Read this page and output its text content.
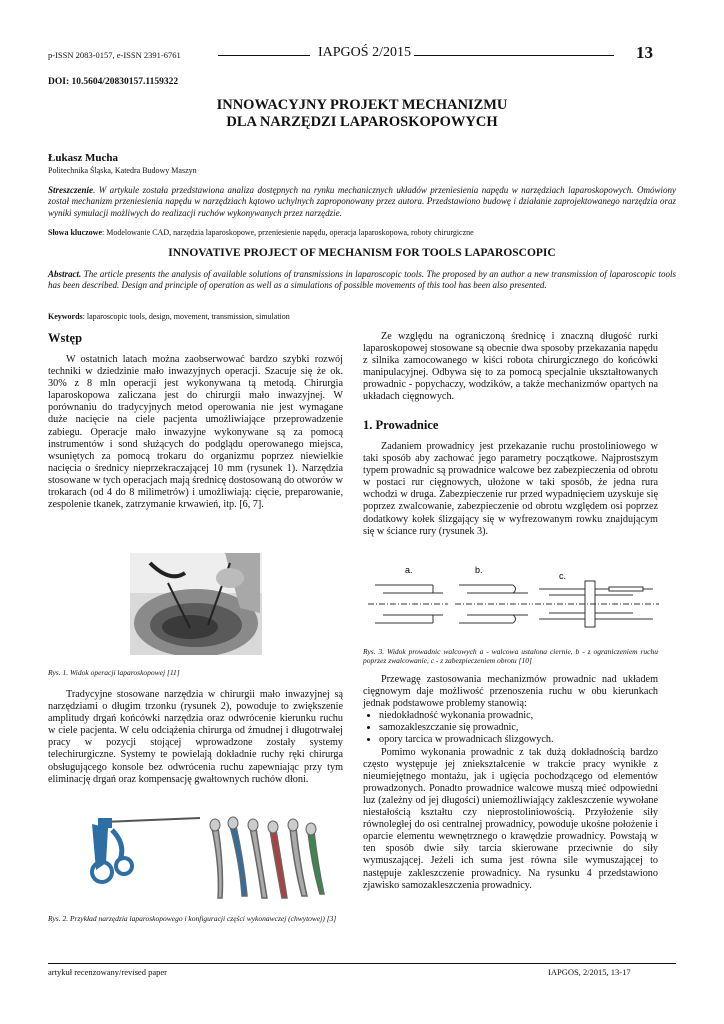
p-ISSN 2083-0157, e-ISSN 2391-6761	IAPGOŚ 2/2015	13
DOI: 10.5604/20830157.1159322
INNOWACYJNY PROJEKT MECHANIZMU
DLA NARZĘDZI LAPAROSKOPOWYCH
Łukasz Mucha
Politechnika Śląska, Katedra Budowy Maszyn
Streszczenie. W artykule została przedstawiona analiza dostępnych na rynku mechanicznych układów przeniesienia napędu w narzędziach laparoskopowych. Omówiony został mechanizm przeniesienia napędu w narzędziach kątowo uchylnych zaproponowany przez autora. Przedstawiono budowę i działanie zaprojektowanego narzędzia oraz wyniki symulacji możliwych do realizacji ruchów wykonywanych przez narzędzie.
Słowa kluczowe: Modelowanie CAD, narzędzia laparoskopowe, przeniesienie napędu, operacja laparoskopowa, roboty chirurgiczne
INNOVATIVE PROJECT OF MECHANISM FOR TOOLS LAPAROSCOPIC
Abstract. The article presents the analysis of available solutions of transmissions in laparoscopic tools. The proposed by an author a new transmission of laparoscopic tools has been described. Design and principle of operation as well as a simulations of possible movements of this tool has been also presented.
Keywords: laparoscopic tools, design, movement, transmission, simulation
Wstęp

W ostatnich latach można zaobserwować bardzo szybki rozwój techniki w dziedzinie mało inwazyjnych operacji. Szacuje się że ok. 30% z 8 mln operacji jest wykonywana tą metodą. Chirurgia laparoskopowa zaliczana jest do chirurgii mało inwazyjnej. W porównaniu do tradycyjnych metod operowania nie jest wymagane duże nacięcie na ciele pacjenta umożliwiające przeprowadzenie zabiegu. Operacje mało inwazyjne wykonywane są za pomocą instrumentów i sond służących do podglądu operowanego miejsca, wsuniętych za pomocą trokaru do organizmu poprzez niewielkie nacięcia o średnicy nieprzekraczającej 10 mm (rysunek 1). Narzędzia stosowane w tych operacjach mają średnicę dostosowaną do otworów w trokarach (od 4 do 8 milimetrów) i umożliwiają: cięcie, preparowanie, zespolenie tkanek, zatrzymanie krwawień, itp. [6, 7].

Rys. 1. Widok operacji laparoskopowej [11]

Tradycyjne stosowane narzędzia w chirurgii mało inwazyjnej są narzędziami o długim trzonku (rysunek 2), powoduje to zwiększenie amplitudy drgań końcówki narzędzia oraz odwrócenie kierunku ruchu w ciele pacjenta. W celu odciążenia chirurga od żmudnej i długotrwałej pracy w pozycji stojącej wprowadzone zostały systemy telechirurgiczne. Systemy te powielają dokładnie ruchy ręki chirurga obsługującego konsole bez odwrócenia ruchu zapewniając przy tym eliminację drgań oraz kompensację gwałtownych ruchów dłoni.

Rys. 2. Przykład narzędzia laparoskopowego i konfiguracji części wykonawczej (chwytowej) [3]

Ze względu na ograniczoną średnicę i znaczną długość rurki laparoskopowej stosowane są obecnie dwa sposoby przekazania napędu z silnika zamocowanego w kiści robota chirurgicznego do końcówki manipulacyjnej. Odbywa się to za pomocą specjalnie ukształtowanych prowadnic - popychaczy, wodzików, a także mechanizmów opartych na układach cięgnowych.

1. Prowadnice

Zadaniem prowadnicy jest przekazanie ruchu prostoliniowego w taki sposób aby zachować jego parametry początkowe. Najprostszym typem prowadnic są prowadnice walcowe bez zabezpieczenia od obrotu w postaci rur cięgnowych, ułożone w taki sposób, że jedna rura wchodzi w druga. Zabezpieczenie rur przed wypadnięciem uzyskuje się poprzez zwalcowanie, zabezpieczenie od obrotu względem osi poprzez dodatkowy kołek ślizgający się w wyfrezowanym rowku znajdującym się w ściance rury (rysunek 3).

a.	b.
c.
Rys. 3. Widok prowadnic walcowych a - walcowa ustalona ciernie, b - z ograniczeniem ruchu poprzez zwalcowanie, c - z zabezpieczeniem obrotu [10]

Przewagę zastosowania mechanizmów prowadnic nad układem cięgnowym daje możliwość przenoszenia ruchu w obu kierunkach jednak podstawowe problemy stanowią:

• niedokładność wykonania prowadnic,
• samozakleszczanie się prowadnic,
• opory tarcica w prowadnicach ślizgowych.

Pomimo wykonania prowadnic z tak dużą dokładnością bardzo często występuje jej zniekształcenie w trakcie pracy wynikłe z nieumiejętnego montażu, jak i ugięcia pochodzącego od elementów prowadzonych. Ponadto prowadnice walcowe muszą mieć odpowiedni luz (zależny od jej długości) uniemożliwiający zakleszczenie wywołane niestałością kształtu czy nieprostoliniowością. Przyłożenie siły równoległej do osi centralnej prowadnicy, powoduje ukośne położenie i oparcie elementu wewnętrznego o krawędzie prowadnicy. Powstają w ten sposób dwie siły tarcia skierowane przeciwnie do siły wymuszającej. Jeżeli ich suma jest równa sile wymuszającej to następuje zakleszczenie prowadnicy. Na rysunku 4 przedstawiono zjawisko samozakleszczenia prowadnicy.

artykuł recenzowany/revised paper	IAPGOS, 2/2015, 13-17
